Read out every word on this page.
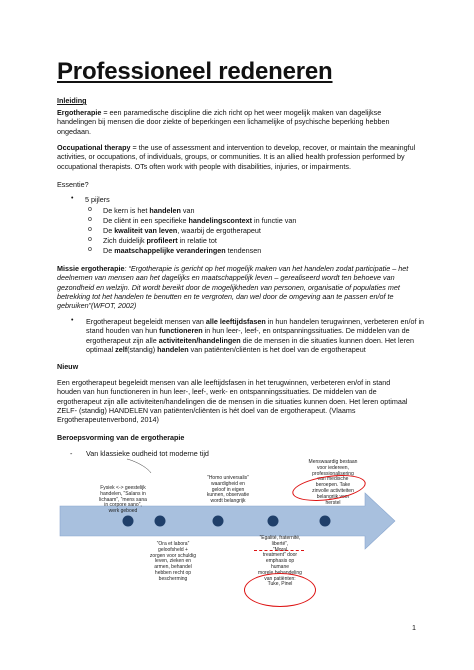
Professioneel redeneren
Inleiding
Ergotherapie = een paramedische discipline die zich richt op het weer mogelijk maken van dagelijkse
handelingen bij mensen die door ziekte of beperkingen een lichamelijke of psychische beperking hebben
ongedaan.
Occupational therapy = the use of assessment and intervention to develop, recover, or maintain the meaningful
activities, or occupations, of individuals, groups, or communities. It is an allied health profession performed by
occupational therapists. OTs often work with people with disabilities, injuries, or impairments.
Essentie?
• 5 pijlers
o De kern is het handelen van
o De cliënt in een specifieke handelingscontext in functie van
o De kwaliteit van leven, waarbij de ergotherapeut
o Zich duidelijk profileert in relatie tot
o De maatschappelijke veranderingen tendensen
Missie ergotherapie: “Ergotherapie is gericht op het mogelijk maken van het handelen zodat participatie – het
deelnemen van mensen aan het dagelijks en maatschappelijk leven – gerealiseerd wordt ten behoeve van
gezondheid en welzijn. Dit wordt bereikt door de mogelijkheden van personen, organisatie of populaties met
betrekking tot het handelen te benutten en te vergroten, dan wel door de omgeving aan te passen en/of te
gebruiken”(WFOT, 2002)
• Ergotherapeut begeleidt mensen van alle leeftijdsfasen in hun handelen terugwinnen, verbeteren en/of in
stand houden van hun functioneren in hun leer-, leef-, en ontspanningssituaties. De middelen van de
ergotherapeut zijn alle activiteiten/handelingen die de mensen in die situaties kunnen doen. Het leren
optimaal zelf(standig) handelen van patiënten/cliënten is het doel van de ergotherapeut
Nieuw
Een ergotherapeut begeleidt mensen van alle leeftijdsfasen in het terugwinnen, verbeteren en/of in stand
houden van hun functioneren in hun leer-, leef-, werk- en ontspanningssituaties. De middelen van de
ergotherapeut zijn alle activiteiten/handelingen die de mensen in die situaties kunnen doen. Het leren optimaal
ZELF- (standig) HANDELEN van patiënten/cliënten is hét doel van de ergotherapeut. (Vlaams
Ergotherapeutenverbond, 2014)
Beroepsvorming van de ergotherapie
- Van klassieke oudheid tot moderne tijd
Fysiek <-> geestelijk
handelen, “Salans in
lichaam”, “mens sana
in corpore sano”,
werk geboed
“Homo universalis”
waardigheid en
geloof in eigen
kunnen, observatie
wordt belangrijk
Menswaardig bestaan
voor iedereen,
professionalisering
van medische
beroepen. Take
zinvolle activiteiten
belangrijk voor
herstel
“Ora et labora”
geloofsheld +
zorgen voor schuldig
leven, zieken en
armen, behandel
hebben recht op
bescherming
“Egalité, fraternité,
liberté”,
“Moral
treatment” door
emphasis op
humane
morele behandeling
van patiënten:
Tuke, Pinel
1
